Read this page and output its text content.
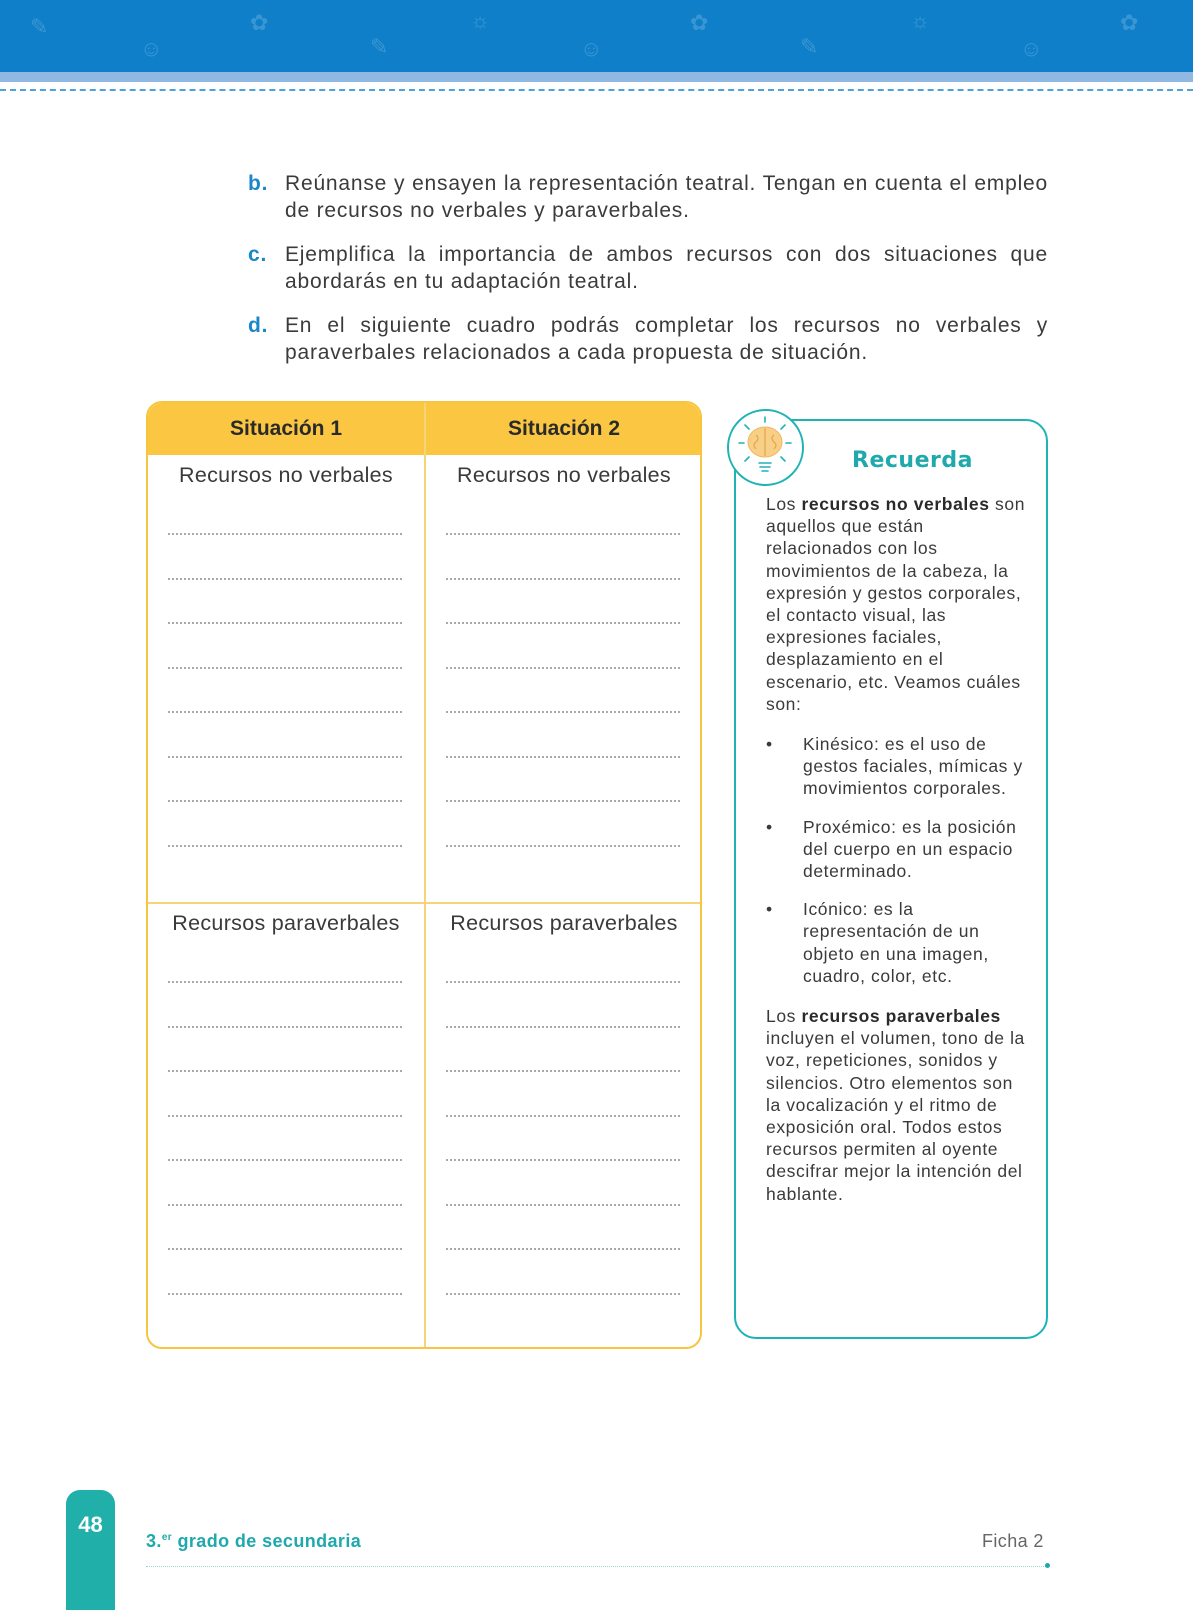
✎
☺
✿
✎
☼
☺
✿
✎
☼
☺
✿
b. Reúnanse y ensayen la representación teatral. Tengan en cuenta el empleo de recursos no verbales y paraverbales.
c. Ejemplifica la importancia de ambos recursos con dos situaciones que abordarás en tu adaptación teatral.
d. En el siguiente cuadro podrás completar los recursos no verbales y paraverbales relacionados a cada propuesta de situación.
Situación 1	Situación 2
Recursos no verbales	Recursos no verbales
Recursos paraverbales	Recursos paraverbales
Recuerda

Los recursos no verbales son aquellos que están relacionados con los movimientos de la cabeza, la expresión y gestos corporales, el contacto visual, las expresiones faciales, desplazamiento en el escenario, etc. Veamos cuáles son:

• Kinésico: es el uso de gestos faciales, mímicas y movimientos corporales.
• Proxémico: es la posición del cuerpo en un espacio determinado.
• Icónico: es la representación de un objeto en una imagen, cuadro, color, etc.

Los recursos paraverbales incluyen el volumen, tono de la voz, repeticiones, sonidos y silencios. Otro elementos son la vocalización y el ritmo de exposición oral. Todos estos recursos permiten al oyente descifrar mejor la intención del hablante.

48
3.$^{er}$ grado de secundaria	Ficha 2
